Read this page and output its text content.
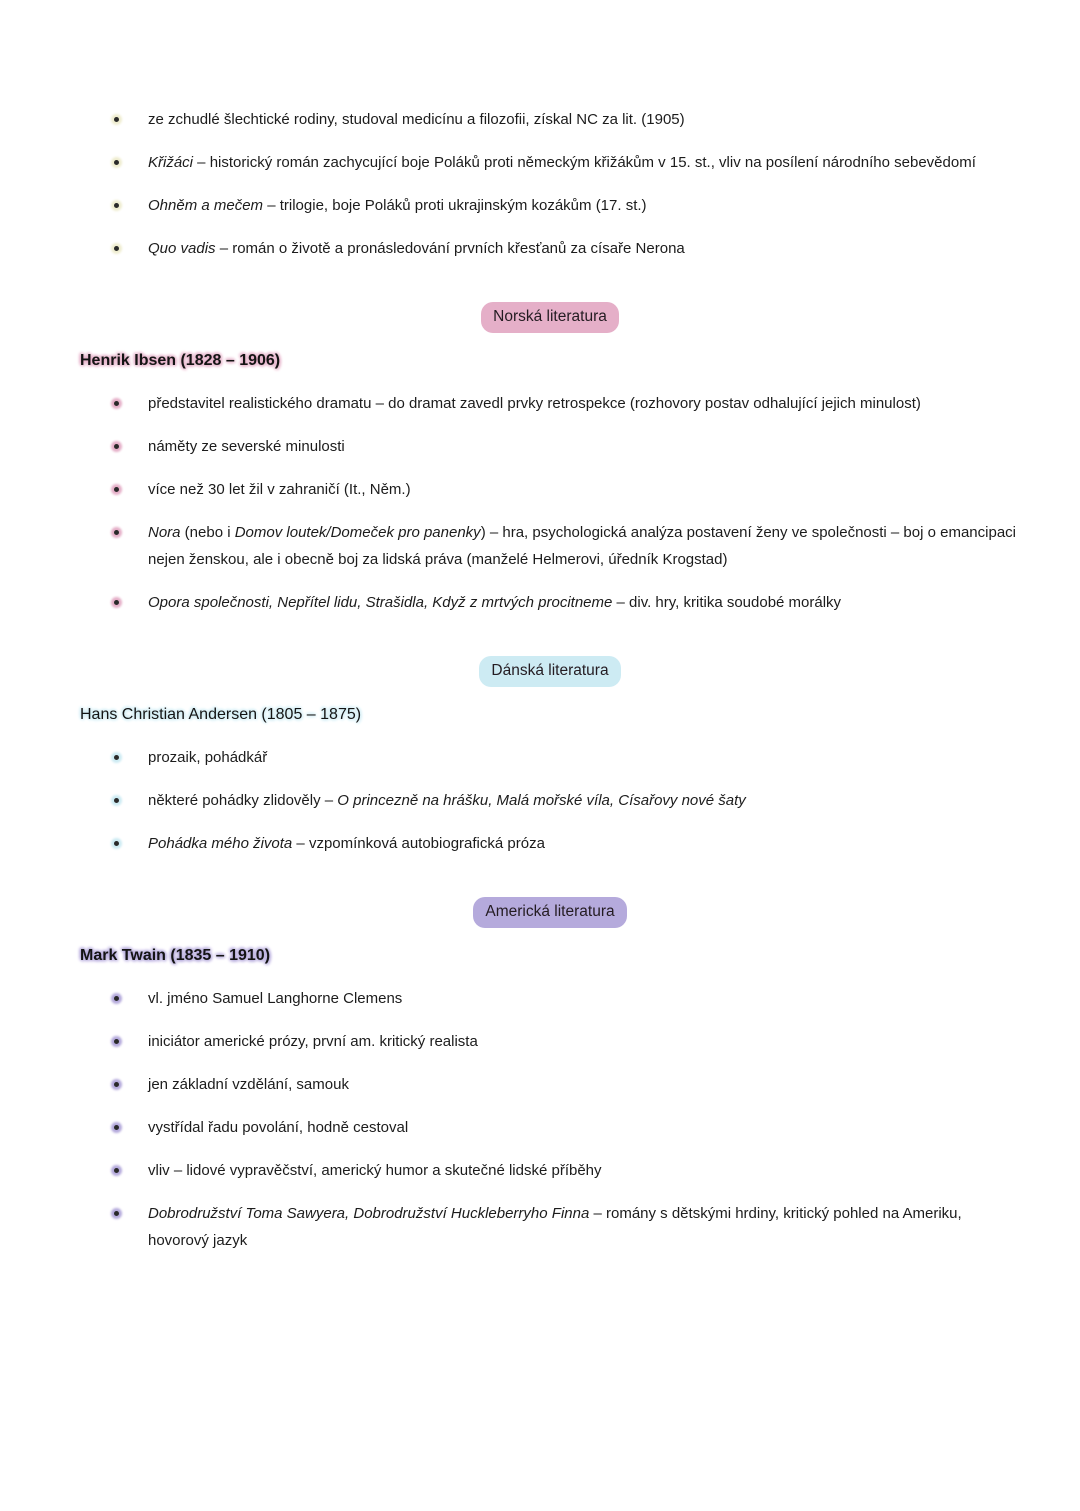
ze zchudlé šlechtické rodiny, studoval medicínu a filozofii, získal NC za lit. (1905)
Křižáci – historický román zachycující boje Poláků proti německým křižákům v 15. st., vliv na posílení národního sebevědomí
Ohněm a mečem – trilogie, boje Poláků proti ukrajinským kozákům (17. st.)
Quo vadis – román o životě a pronásledování prvních křesťanů za císaře Nerona
Norská literatura

Henrik Ibsen (1828 – 1906)

představitel realistického dramatu – do dramat zavedl prvky retrospekce (rozhovory postav odhalující jejich minulost)
náměty ze severské minulosti
více než 30 let žil v zahraničí (It., Něm.)
Nora (nebo i Domov loutek/Domeček pro panenky) – hra, psychologická analýza postavení ženy ve společnosti – boj o emancipaci nejen ženskou, ale i obecně boj za lidská práva (manželé Helmerovi, úředník Krogstad)
Opora společnosti, Nepřítel lidu, Strašidla, Když z mrtvých procitneme – div. hry, kritika soudobé morálky
Dánská literatura

Hans Christian Andersen (1805 – 1875)

prozaik, pohádkář
některé pohádky zlidověly – O princezně na hrášku, Malá mořské víla, Císařovy nové šaty
Pohádka mého života – vzpomínková autobiografická próza
Americká literatura

Mark Twain (1835 – 1910)

vl. jméno Samuel Langhorne Clemens
iniciátor americké prózy, první am. kritický realista
jen základní vzdělání, samouk
vystřídal řadu povolání, hodně cestoval
vliv – lidové vypravěčství, americký humor a skutečné lidské příběhy
Dobrodružství Toma Sawyera, Dobrodružství Huckleberryho Finna – romány s dětskými hrdiny, kritický pohled na Ameriku, hovorový jazyk
